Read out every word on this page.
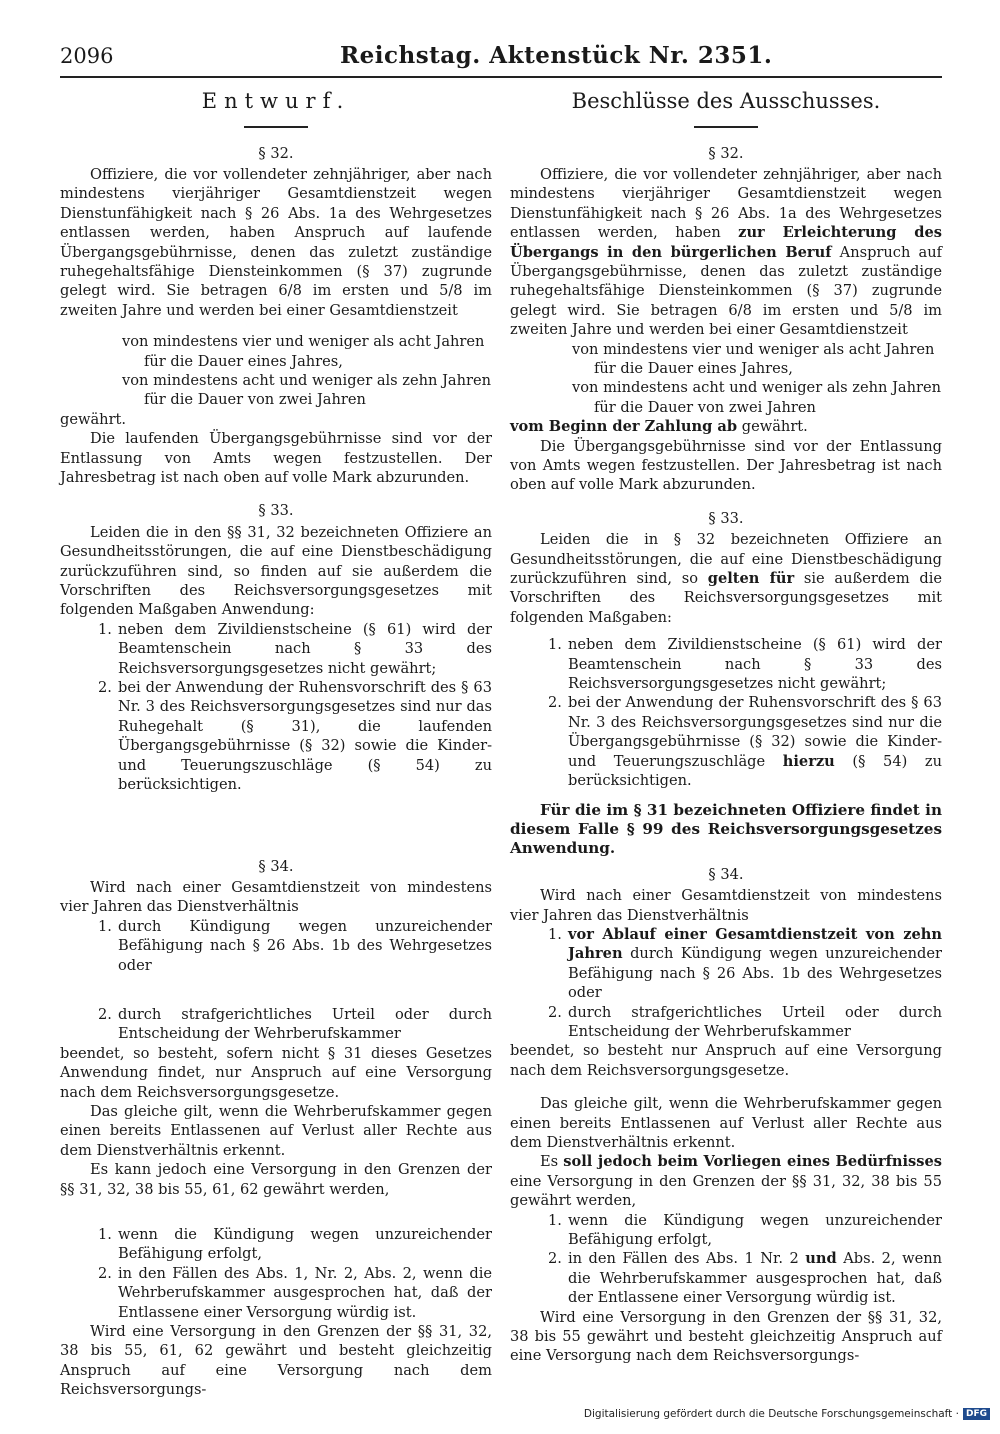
2096	Reichstag. Aktenstück Nr. 2351.
Entwurf.
§ 32.

Offiziere, die vor vollendeter zehnjähriger, aber nach mindestens vierjähriger Gesamtdienstzeit wegen Dienstunfähigkeit nach § 26 Abs. 1a des Wehrgesetzes entlassen werden, haben Anspruch auf laufende Übergangsgebührnisse, denen das zuletzt zuständige ruhegehaltsfähige Diensteinkommen (§ 37) zugrunde gelegt wird. Sie betragen 6/8 im ersten und 5/8 im zweiten Jahre und werden bei einer Gesamtdienstzeit

von mindestens vier und weniger als acht Jahren
für die Dauer eines Jahres,
von mindestens acht und weniger als zehn Jahren
für die Dauer von zwei Jahren

gewährt.

Die laufenden Übergangsgebührnisse sind vor der Entlassung von Amts wegen festzustellen. Der Jahresbetrag ist nach oben auf volle Mark abzurunden.

§ 33.

Leiden die in den §§ 31, 32 bezeichneten Offiziere an Gesundheitsstörungen, die auf eine Dienstbeschädigung zurückzuführen sind, so finden auf sie außerdem die Vorschriften des Reichsversorgungsgesetzes mit folgenden Maßgaben Anwendung:

1. neben dem Zivildienstscheine (§ 61) wird der Beamtenschein nach § 33 des Reichsversorgungsgesetzes nicht gewährt;
2. bei der Anwendung der Ruhensvorschrift des § 63 Nr. 3 des Reichsversorgungsgesetzes sind nur das Ruhegehalt (§ 31), die laufenden Übergangsgebührnisse (§ 32) sowie die Kinder- und Teuerungszuschläge (§ 54) zu berücksichtigen.
§ 34.

Wird nach einer Gesamtdienstzeit von mindestens vier Jahren das Dienstverhältnis

1. durch Kündigung wegen unzureichender Befähigung nach § 26 Abs. 1b des Wehrgesetzes oder
2. durch strafgerichtliches Urteil oder durch Entscheidung der Wehrberufskammer

beendet, so besteht, sofern nicht § 31 dieses Gesetzes Anwendung findet, nur Anspruch auf eine Versorgung nach dem Reichsversorgungsgesetze.

Das gleiche gilt, wenn die Wehrberufskammer gegen einen bereits Entlassenen auf Verlust aller Rechte aus dem Dienstverhältnis erkennt.

Es kann jedoch eine Versorgung in den Grenzen der §§ 31, 32, 38 bis 55, 61, 62 gewährt werden,

1. wenn die Kündigung wegen unzureichender Befähigung erfolgt,
2. in den Fällen des Abs. 1, Nr. 2, Abs. 2, wenn die Wehrberufskammer ausgesprochen hat, daß der Entlassene einer Versorgung würdig ist.

Wird eine Versorgung in den Grenzen der §§ 31, 32, 38 bis 55, 61, 62 gewährt und besteht gleichzeitig Anspruch auf eine Versorgung nach dem Reichsversorgungs-

Beschlüsse des Ausschusses.
§ 32.

Offiziere, die vor vollendeter zehnjähriger, aber nach mindestens vierjähriger Gesamtdienstzeit wegen Dienstunfähigkeit nach § 26 Abs. 1a des Wehrgesetzes entlassen werden, haben zur Erleichterung des Übergangs in den bürgerlichen Beruf Anspruch auf Übergangsgebührnisse, denen das zuletzt zuständige ruhegehaltsfähige Diensteinkommen (§ 37) zugrunde gelegt wird. Sie betragen 6/8 im ersten und 5/8 im zweiten Jahre und werden bei einer Gesamtdienstzeit

von mindestens vier und weniger als acht Jahren
für die Dauer eines Jahres,
von mindestens acht und weniger als zehn Jahren
für die Dauer von zwei Jahren

vom Beginn der Zahlung ab gewährt.

Die Übergangsgebührnisse sind vor der Entlassung von Amts wegen festzustellen. Der Jahresbetrag ist nach oben auf volle Mark abzurunden.

§ 33.

Leiden die in § 32 bezeichneten Offiziere an Gesundheitsstörungen, die auf eine Dienstbeschädigung zurückzuführen sind, so gelten für sie außerdem die Vorschriften des Reichsversorgungsgesetzes mit folgenden Maßgaben:

1. neben dem Zivildienstscheine (§ 61) wird der Beamtenschein nach § 33 des Reichsversorgungsgesetzes nicht gewährt;
2. bei der Anwendung der Ruhensvorschrift des § 63 Nr. 3 des Reichsversorgungsgesetzes sind nur die Übergangsgebührnisse (§ 32) sowie die Kinder- und Teuerungszuschläge hierzu (§ 54) zu berücksichtigen.

Für die im § 31 bezeichneten Offiziere findet in diesem Falle § 99 des Reichsversorgungsgesetzes Anwendung.

§ 34.

Wird nach einer Gesamtdienstzeit von mindestens vier Jahren das Dienstverhältnis

1. vor Ablauf einer Gesamtdienstzeit von zehn Jahren durch Kündigung wegen unzureichender Befähigung nach § 26 Abs. 1b des Wehrgesetzes oder
2. durch strafgerichtliches Urteil oder durch Entscheidung der Wehrberufskammer

beendet, so besteht nur Anspruch auf eine Versorgung nach dem Reichsversorgungsgesetze.

Das gleiche gilt, wenn die Wehrberufskammer gegen einen bereits Entlassenen auf Verlust aller Rechte aus dem Dienstverhältnis erkennt.

Es soll jedoch beim Vorliegen eines Bedürfnisses eine Versorgung in den Grenzen der §§ 31, 32, 38 bis 55 gewährt werden,

1. wenn die Kündigung wegen unzureichender Befähigung erfolgt,
2. in den Fällen des Abs. 1 Nr. 2 und Abs. 2, wenn die Wehrberufskammer ausgesprochen hat, daß der Entlassene einer Versorgung würdig ist.

Wird eine Versorgung in den Grenzen der §§ 31, 32, 38 bis 55 gewährt und besteht gleichzeitig Anspruch auf eine Versorgung nach dem Reichsversorgungs-

Digitalisierung gefördert durch die Deutsche Forschungsgemeinschaft · DFG
